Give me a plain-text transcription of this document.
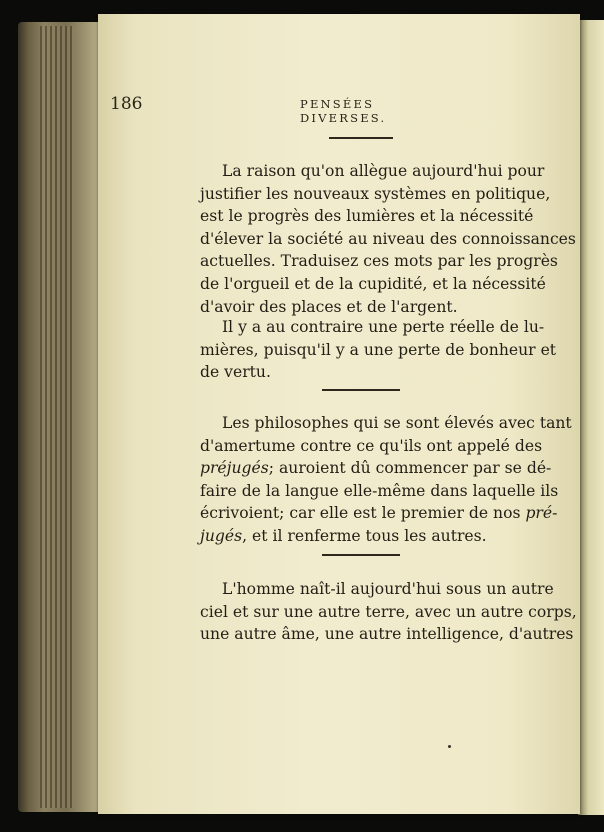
186	PENSÉES DIVERSES.

La raison qu'on allègue aujourd'hui pour
justifier les nouveaux systèmes en politique,
est le progrès des lumières et la nécessité
d'élever la société au niveau des connoissances
actuelles. Traduisez ces mots par les progrès
de l'orgueil et de la cupidité, et la nécessité
d'avoir des places et de l'argent.

Il y a au contraire une perte réelle de lu-
mières, puisqu'il y a une perte de bonheur et
de vertu.

Les philosophes qui se sont élevés avec tant
d'amertume contre ce qu'ils ont appelé des
préjugés; auroient dû commencer par se dé-
faire de la langue elle-même dans laquelle ils
écrivoient; car elle est le premier de nos pré-
jugés, et il renferme tous les autres.

L'homme naît-il aujourd'hui sous un autre
ciel et sur une autre terre, avec un autre corps,
une autre âme, une autre intelligence, d'autres
